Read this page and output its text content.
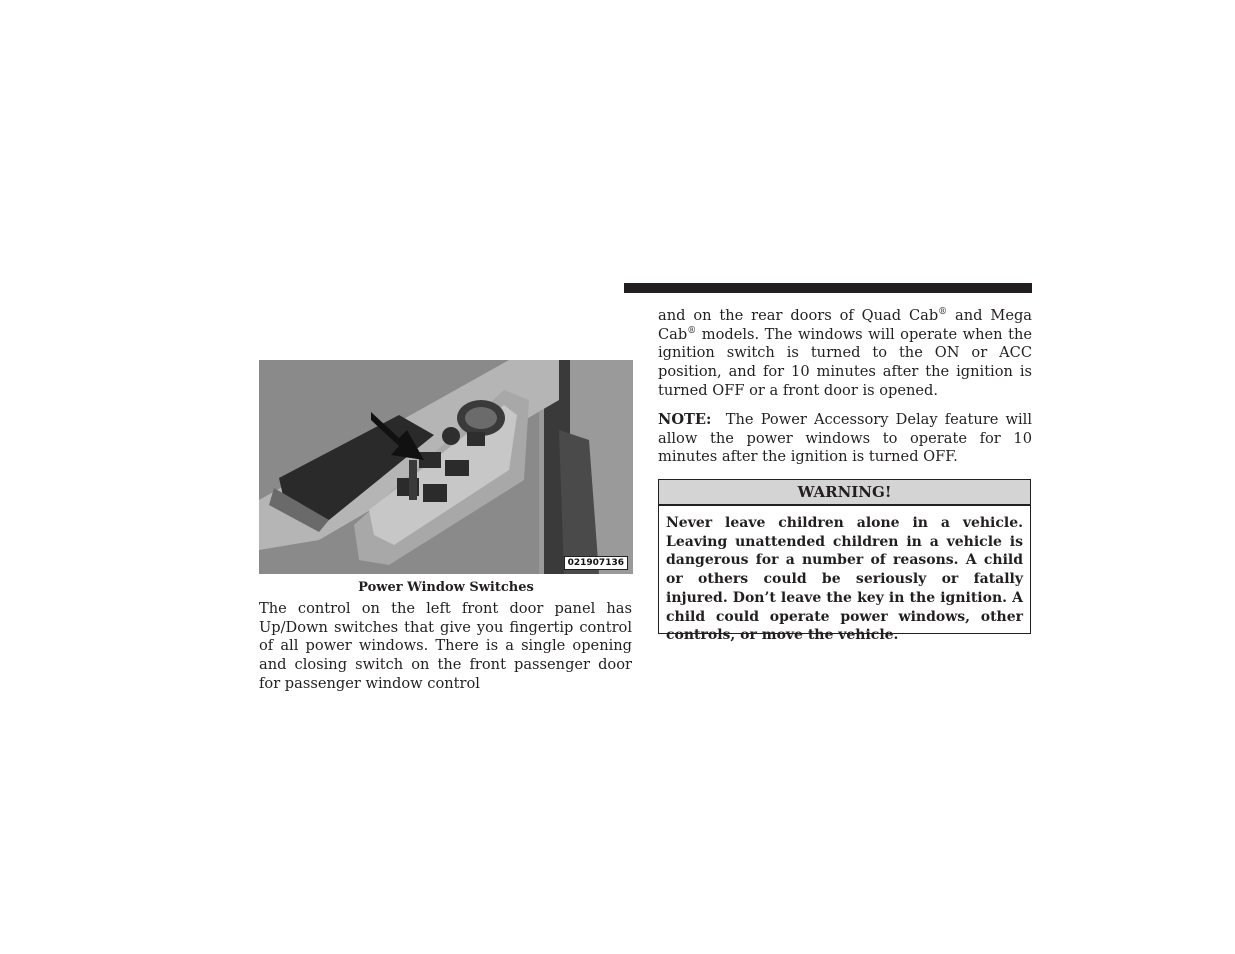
021907136
Power Window Switches

The control on the left front door panel has Up/Down switches that give you fingertip control of all power windows. There is a single opening and closing switch on the front passenger door for passenger window control

and on the rear doors of Quad Cab® and Mega Cab® models. The windows will operate when the ignition switch is turned to the ON or ACC position, and for 10 minutes after the ignition is turned OFF or a front door is opened.

NOTE: The Power Accessory Delay feature will allow the power windows to operate for 10 minutes after the ignition is turned OFF.

WARNING!

Never leave children alone in a vehicle. Leaving unattended children in a vehicle is dangerous for a number of reasons. A child or others could be seriously or fatally injured. Don’t leave the key in the ignition. A child could operate power windows, other controls, or move the vehicle.
